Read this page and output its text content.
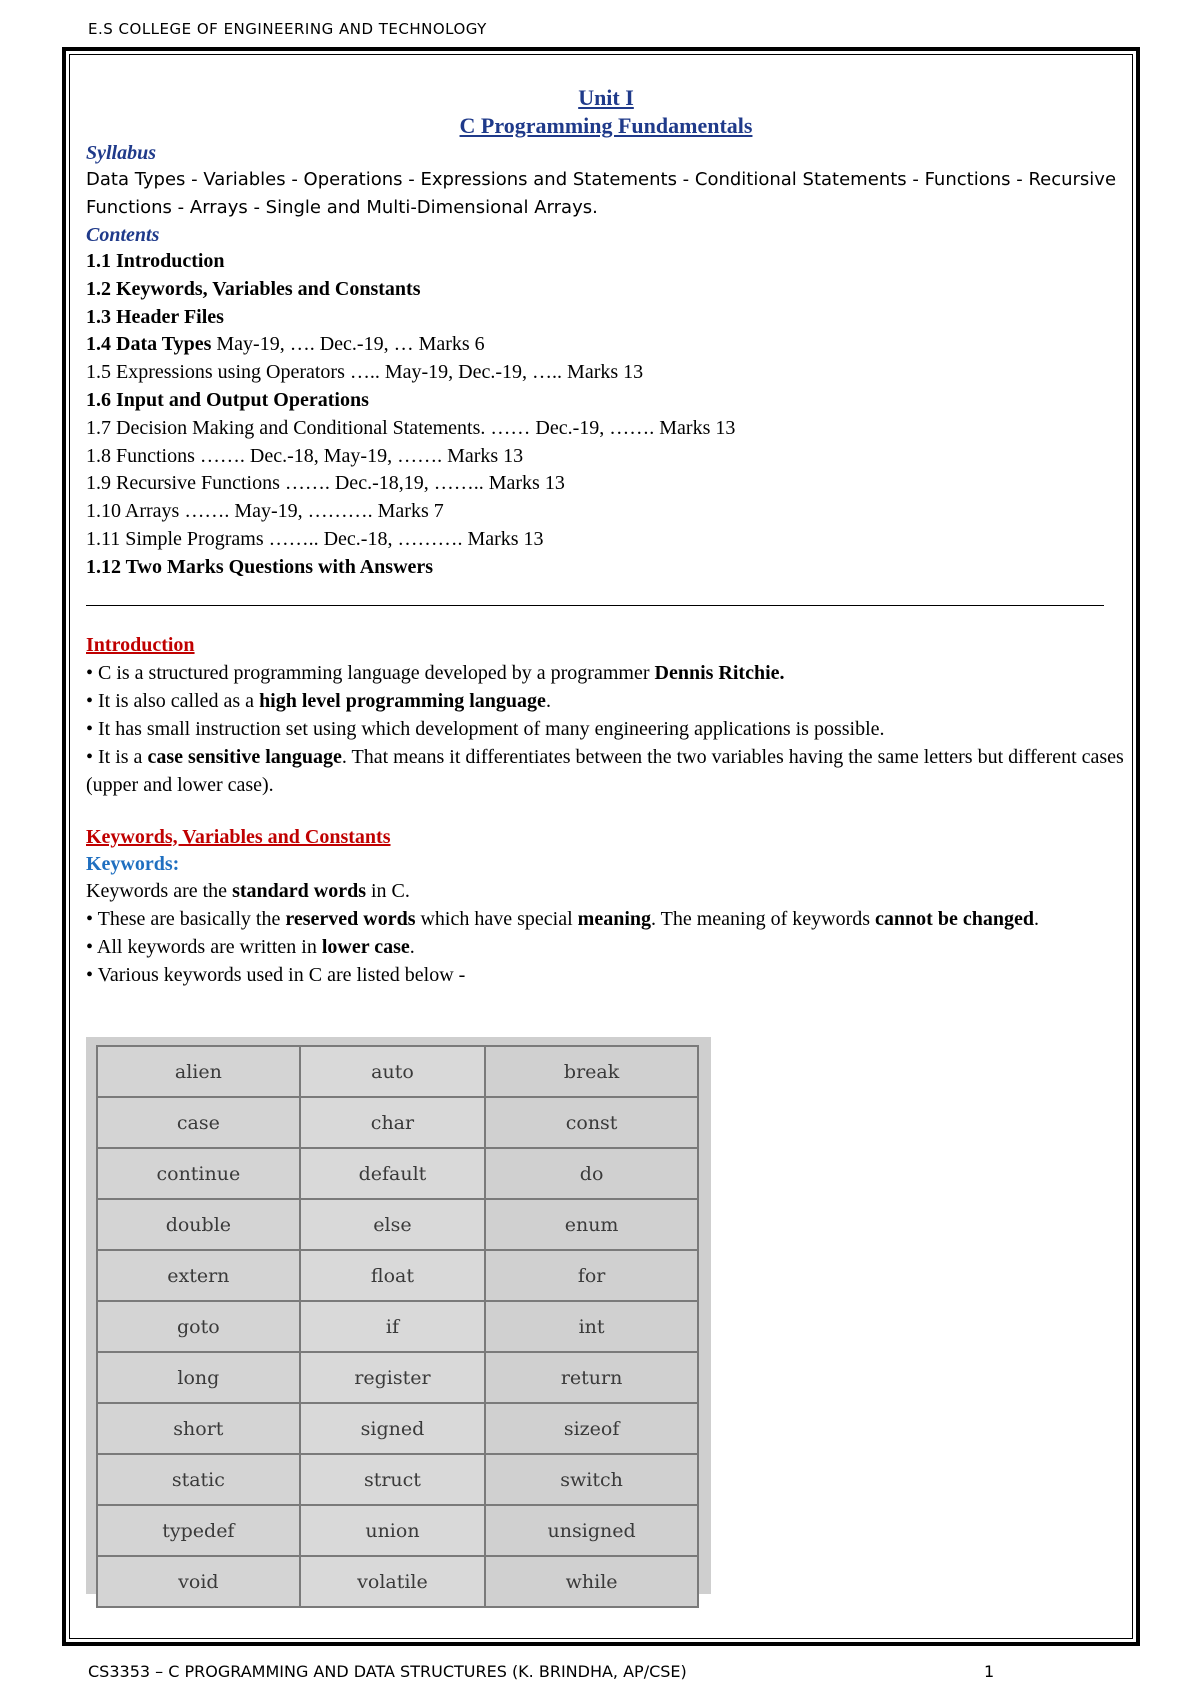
E.S COLLEGE OF ENGINEERING AND TECHNOLOGY
Unit I
C Programming Fundamentals
Syllabus
Data Types - Variables - Operations - Expressions and Statements - Conditional Statements - Functions - Recursive Functions - Arrays - Single and Multi-Dimensional Arrays.
Contents
1.1 Introduction
1.2 Keywords, Variables and Constants
1.3 Header Files
1.4 Data Types May-19, …. Dec.-19, … Marks 6
1.5 Expressions using Operators ….. May-19, Dec.-19, ….. Marks 13
1.6 Input and Output Operations
1.7 Decision Making and Conditional Statements. …… Dec.-19, ……. Marks 13
1.8 Functions ……. Dec.-18, May-19, ……. Marks 13
1.9 Recursive Functions ……. Dec.-18,19, …….. Marks 13
1.10 Arrays ……. May-19, ………. Marks 7
1.11 Simple Programs …….. Dec.-18, ………. Marks 13
1.12 Two Marks Questions with Answers
Introduction
• C is a structured programming language developed by a programmer Dennis Ritchie.
• It is also called as a high level programming language.
• It has small instruction set using which development of many engineering applications is possible.
• It is a case sensitive language. That means it differentiates between the two variables having the same letters but different cases (upper and lower case).
Keywords, Variables and Constants
Keywords:
Keywords are the standard words in C.
• These are basically the reserved words which have special meaning. The meaning of keywords cannot be changed.
• All keywords are written in lower case.
• Various keywords used in C are listed below -
alien	auto	break
case	char	const
continue	default	do
double	else	enum
extern	float	for
goto	if	int
long	register	return
short	signed	sizeof
static	struct	switch
typedef	union	unsigned
void	volatile	while
CS3353 – C PROGRAMMING AND DATA STRUCTURES (K. BRINDHA, AP/CSE)	1
